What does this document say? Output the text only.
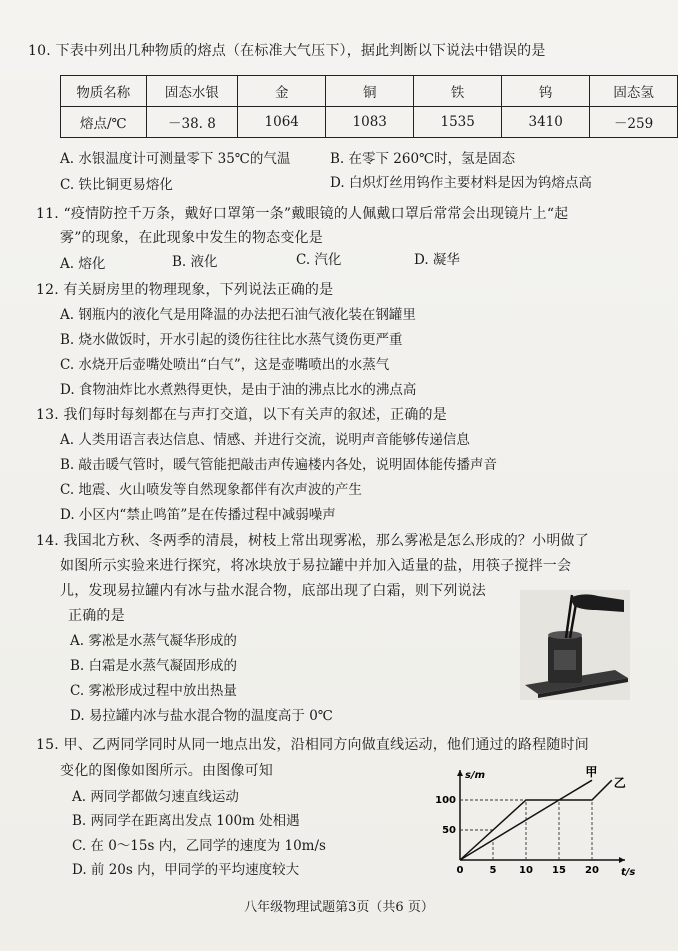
10. 下表中列出几种物质的熔点（在标准大气压下），据此判断以下说法中错误的是
物质名称	固态水银	金	铜	铁	钨	固态氢
熔点/℃	－38. 8	1064	1083	1535	3410	－259
A. 水银温度计可测量零下 35℃的气温	B. 在零下 260℃时，氢是固态
C. 铁比铜更易熔化	D. 白炽灯丝用钨作主要材料是因为钨熔点高
11. “疫情防控千万条，戴好口罩第一条”戴眼镜的人佩戴口罩后常常会出现镜片上“起
雾”的现象，在此现象中发生的物态变化是
A. 熔化	B. 液化	C. 汽化	D. 凝华
12. 有关厨房里的物理现象，下列说法正确的是
A. 钢瓶内的液化气是用降温的办法把石油气液化装在钢罐里
B. 烧水做饭时，开水引起的烫伤往往比水蒸气烫伤更严重
C. 水烧开后壶嘴处喷出“白气”，这是壶嘴喷出的水蒸气
D. 食物油炸比水煮熟得更快，是由于油的沸点比水的沸点高
13. 我们每时每刻都在与声打交道，以下有关声的叙述，正确的是
A. 人类用语言表达信息、情感、并进行交流，说明声音能够传递信息
B. 敲击暖气管时，暖气管能把敲击声传遍楼内各处，说明固体能传播声音
C. 地震、火山喷发等自然现象都伴有次声波的产生
D. 小区内“禁止鸣笛”是在传播过程中减弱噪声
14. 我国北方秋、冬两季的清晨，树枝上常出现雾凇，那么雾凇是怎么形成的？小明做了
如图所示实验来进行探究，将冰块放于易拉罐中并加入适量的盐，用筷子搅拌一会
儿，发现易拉罐内有冰与盐水混合物，底部出现了白霜，则下列说法
正确的是
A. 雾凇是水蒸气凝华形成的
B. 白霜是水蒸气凝固形成的
C. 雾凇形成过程中放出热量
D. 易拉罐内冰与盐水混合物的温度高于 0℃
15. 甲、乙两同学同时从同一地点出发，沿相同方向做直线运动，他们通过的路程随时间
变化的图像如图所示。由图像可知
A. 两同学都做匀速直线运动
B. 两同学在距离出发点 100m 处相遇
C. 在 0～15s 内，乙同学的速度为 10m/s
D. 前 20s 内，甲同学的平均速度较大	0	5 10 15 20
50
100
t/s
s/m	甲
乙
八年级物理试题第3页（共6 页）
